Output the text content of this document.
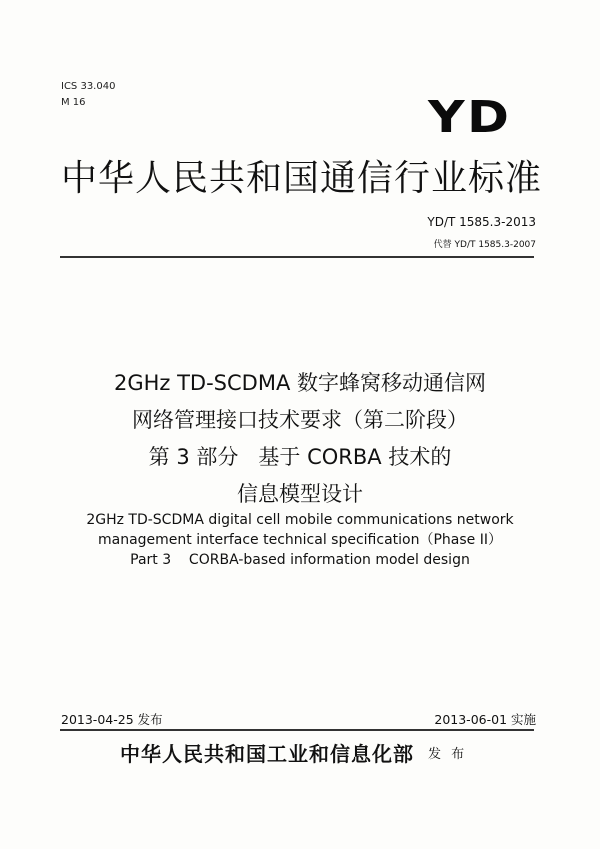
ICS 33.040
M 16	YD
中华人民共和国通信行业标准
YD/T 1585.3-2013
代替 YD/T 1585.3-2007
2GHz TD-SCDMA 数字蜂窝移动通信网
网络管理接口技术要求（第二阶段）
第 3 部分   基于 CORBA 技术的
信息模型设计
2GHz TD-SCDMA digital cell mobile communications network
management interface technical specification（Phase II）
Part 3    CORBA-based information model design
2013-04-25 发布	2013-06-01 实施
中华人民共和国工业和信息化部 发 布
